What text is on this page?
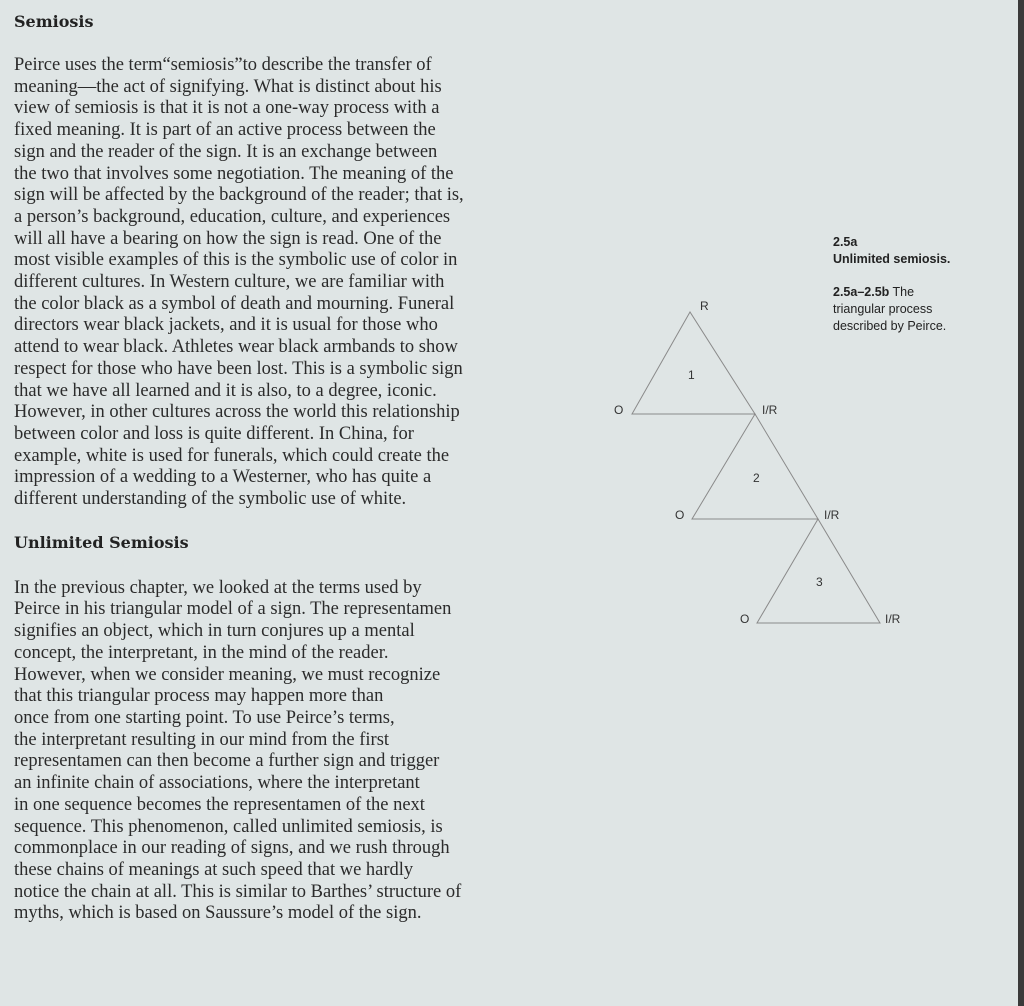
Semiosis

Peirce uses the term“semiosis”to describe the transfer of
meaning—the act of signifying. What is distinct about his
view of semiosis is that it is not a one-way process with a
fixed meaning. It is part of an active process between the
sign and the reader of the sign. It is an exchange between
the two that involves some negotiation. The meaning of the
sign will be affected by the background of the reader; that is,
a person’s background, education, culture, and experiences
will all have a bearing on how the sign is read. One of the
most visible examples of this is the symbolic use of color in
different cultures. In Western culture, we are familiar with
the color black as a symbol of death and mourning. Funeral
directors wear black jackets, and it is usual for those who
attend to wear black. Athletes wear black armbands to show
respect for those who have been lost. This is a symbolic sign
that we have all learned and it is also, to a degree, iconic.
However, in other cultures across the world this relationship
between color and loss is quite different. In China, for
example, white is used for funerals, which could create the
impression of a wedding to a Westerner, who has quite a
different understanding of the symbolic use of white.

Unlimited Semiosis

In the previous chapter, we looked at the terms used by
Peirce in his triangular model of a sign. The representamen
signifies an object, which in turn conjures up a mental
concept, the interpretant, in the mind of the reader.
However, when we consider meaning, we must recognize
that this triangular process may happen more than
once from one starting point. To use Peirce’s terms,
the interpretant resulting in our mind from the first
representamen can then become a further sign and trigger
an infinite chain of associations, where the interpretant
in one sequence becomes the representamen of the next
sequence. This phenomenon, called unlimited semiosis, is
commonplace in our reading of signs, and we rush through
these chains of meanings at such speed that we hardly
notice the chain at all. This is similar to Barthes’ structure of
myths, which is based on Saussure’s model of the sign.

2.5a
Unlimited semiosis.
2.5a–2.5b The
triangular process
described by Peirce.
R
O	I/R
1
O	I/R
2
O	I/R
3
